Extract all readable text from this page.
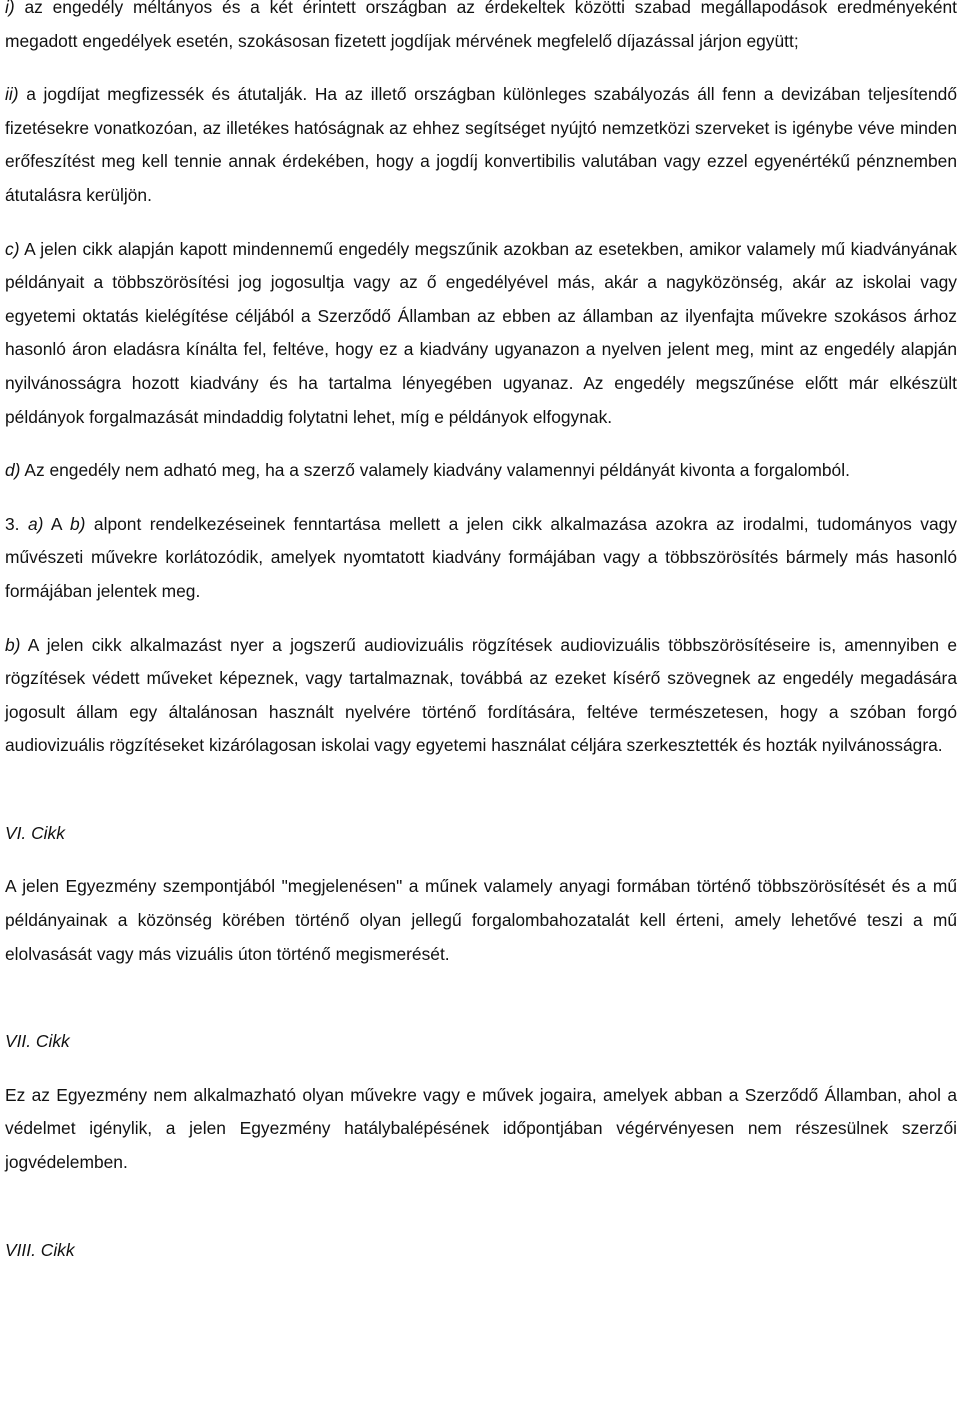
i) az engedély méltányos és a két érintett országban az érdekeltek közötti szabad megállapodások eredményeként megadott engedélyek esetén, szokásosan fizetett jogdíjak mérvének megfelelő díjazással járjon együtt;

ii) a jogdíjat megfizessék és átutalják. Ha az illető országban különleges szabályozás áll fenn a devizában teljesítendő fizetésekre vonatkozóan, az illetékes hatóságnak az ehhez segítséget nyújtó nemzetközi szerveket is igénybe véve minden erőfeszítést meg kell tennie annak érdekében, hogy a jogdíj konvertibilis valutában vagy ezzel egyenértékű pénznemben átutalásra kerüljön.

c) A jelen cikk alapján kapott mindennemű engedély megszűnik azokban az esetekben, amikor valamely mű kiadványának példányait a többszörösítési jog jogosultja vagy az ő engedélyével más, akár a nagyközönség, akár az iskolai vagy egyetemi oktatás kielégítése céljából a Szerződő Államban az ebben az államban az ilyenfajta művekre szokásos árhoz hasonló áron eladásra kínálta fel, feltéve, hogy ez a kiadvány ugyanazon a nyelven jelent meg, mint az engedély alapján nyilvánosságra hozott kiadvány és ha tartalma lényegében ugyanaz. Az engedély megszűnése előtt már elkészült példányok forgalmazását mindaddig folytatni lehet, míg e példányok elfogynak.

d) Az engedély nem adható meg, ha a szerző valamely kiadvány valamennyi példányát kivonta a forgalomból.

3. a) A b) alpont rendelkezéseinek fenntartása mellett a jelen cikk alkalmazása azokra az irodalmi, tudományos vagy művészeti művekre korlátozódik, amelyek nyomtatott kiadvány formájában vagy a többszörösítés bármely más hasonló formájában jelentek meg.

b) A jelen cikk alkalmazást nyer a jogszerű audiovizuális rögzítések audiovizuális többszörösítéseire is, amennyiben e rögzítések védett műveket képeznek, vagy tartalmaznak, továbbá az ezeket kísérő szövegnek az engedély megadására jogosult állam egy általánosan használt nyelvére történő fordítására, feltéve természetesen, hogy a szóban forgó audiovizuális rögzítéseket kizárólagosan iskolai vagy egyetemi használat céljára szerkesztették és hozták nyilvánosságra.

VI. Cikk

A jelen Egyezmény szempontjából "megjelenésen" a műnek valamely anyagi formában történő többszörösítését és a mű példányainak a közönség körében történő olyan jellegű forgalombahozatalát kell érteni, amely lehetővé teszi a mű elolvasását vagy más vizuális úton történő megismerését.

VII. Cikk

Ez az Egyezmény nem alkalmazható olyan művekre vagy e művek jogaira, amelyek abban a Szerződő Államban, ahol a védelmet igénylik, a jelen Egyezmény hatálybalépésének időpontjában végérvényesen nem részesülnek szerzői jogvédelemben.

VIII. Cikk
